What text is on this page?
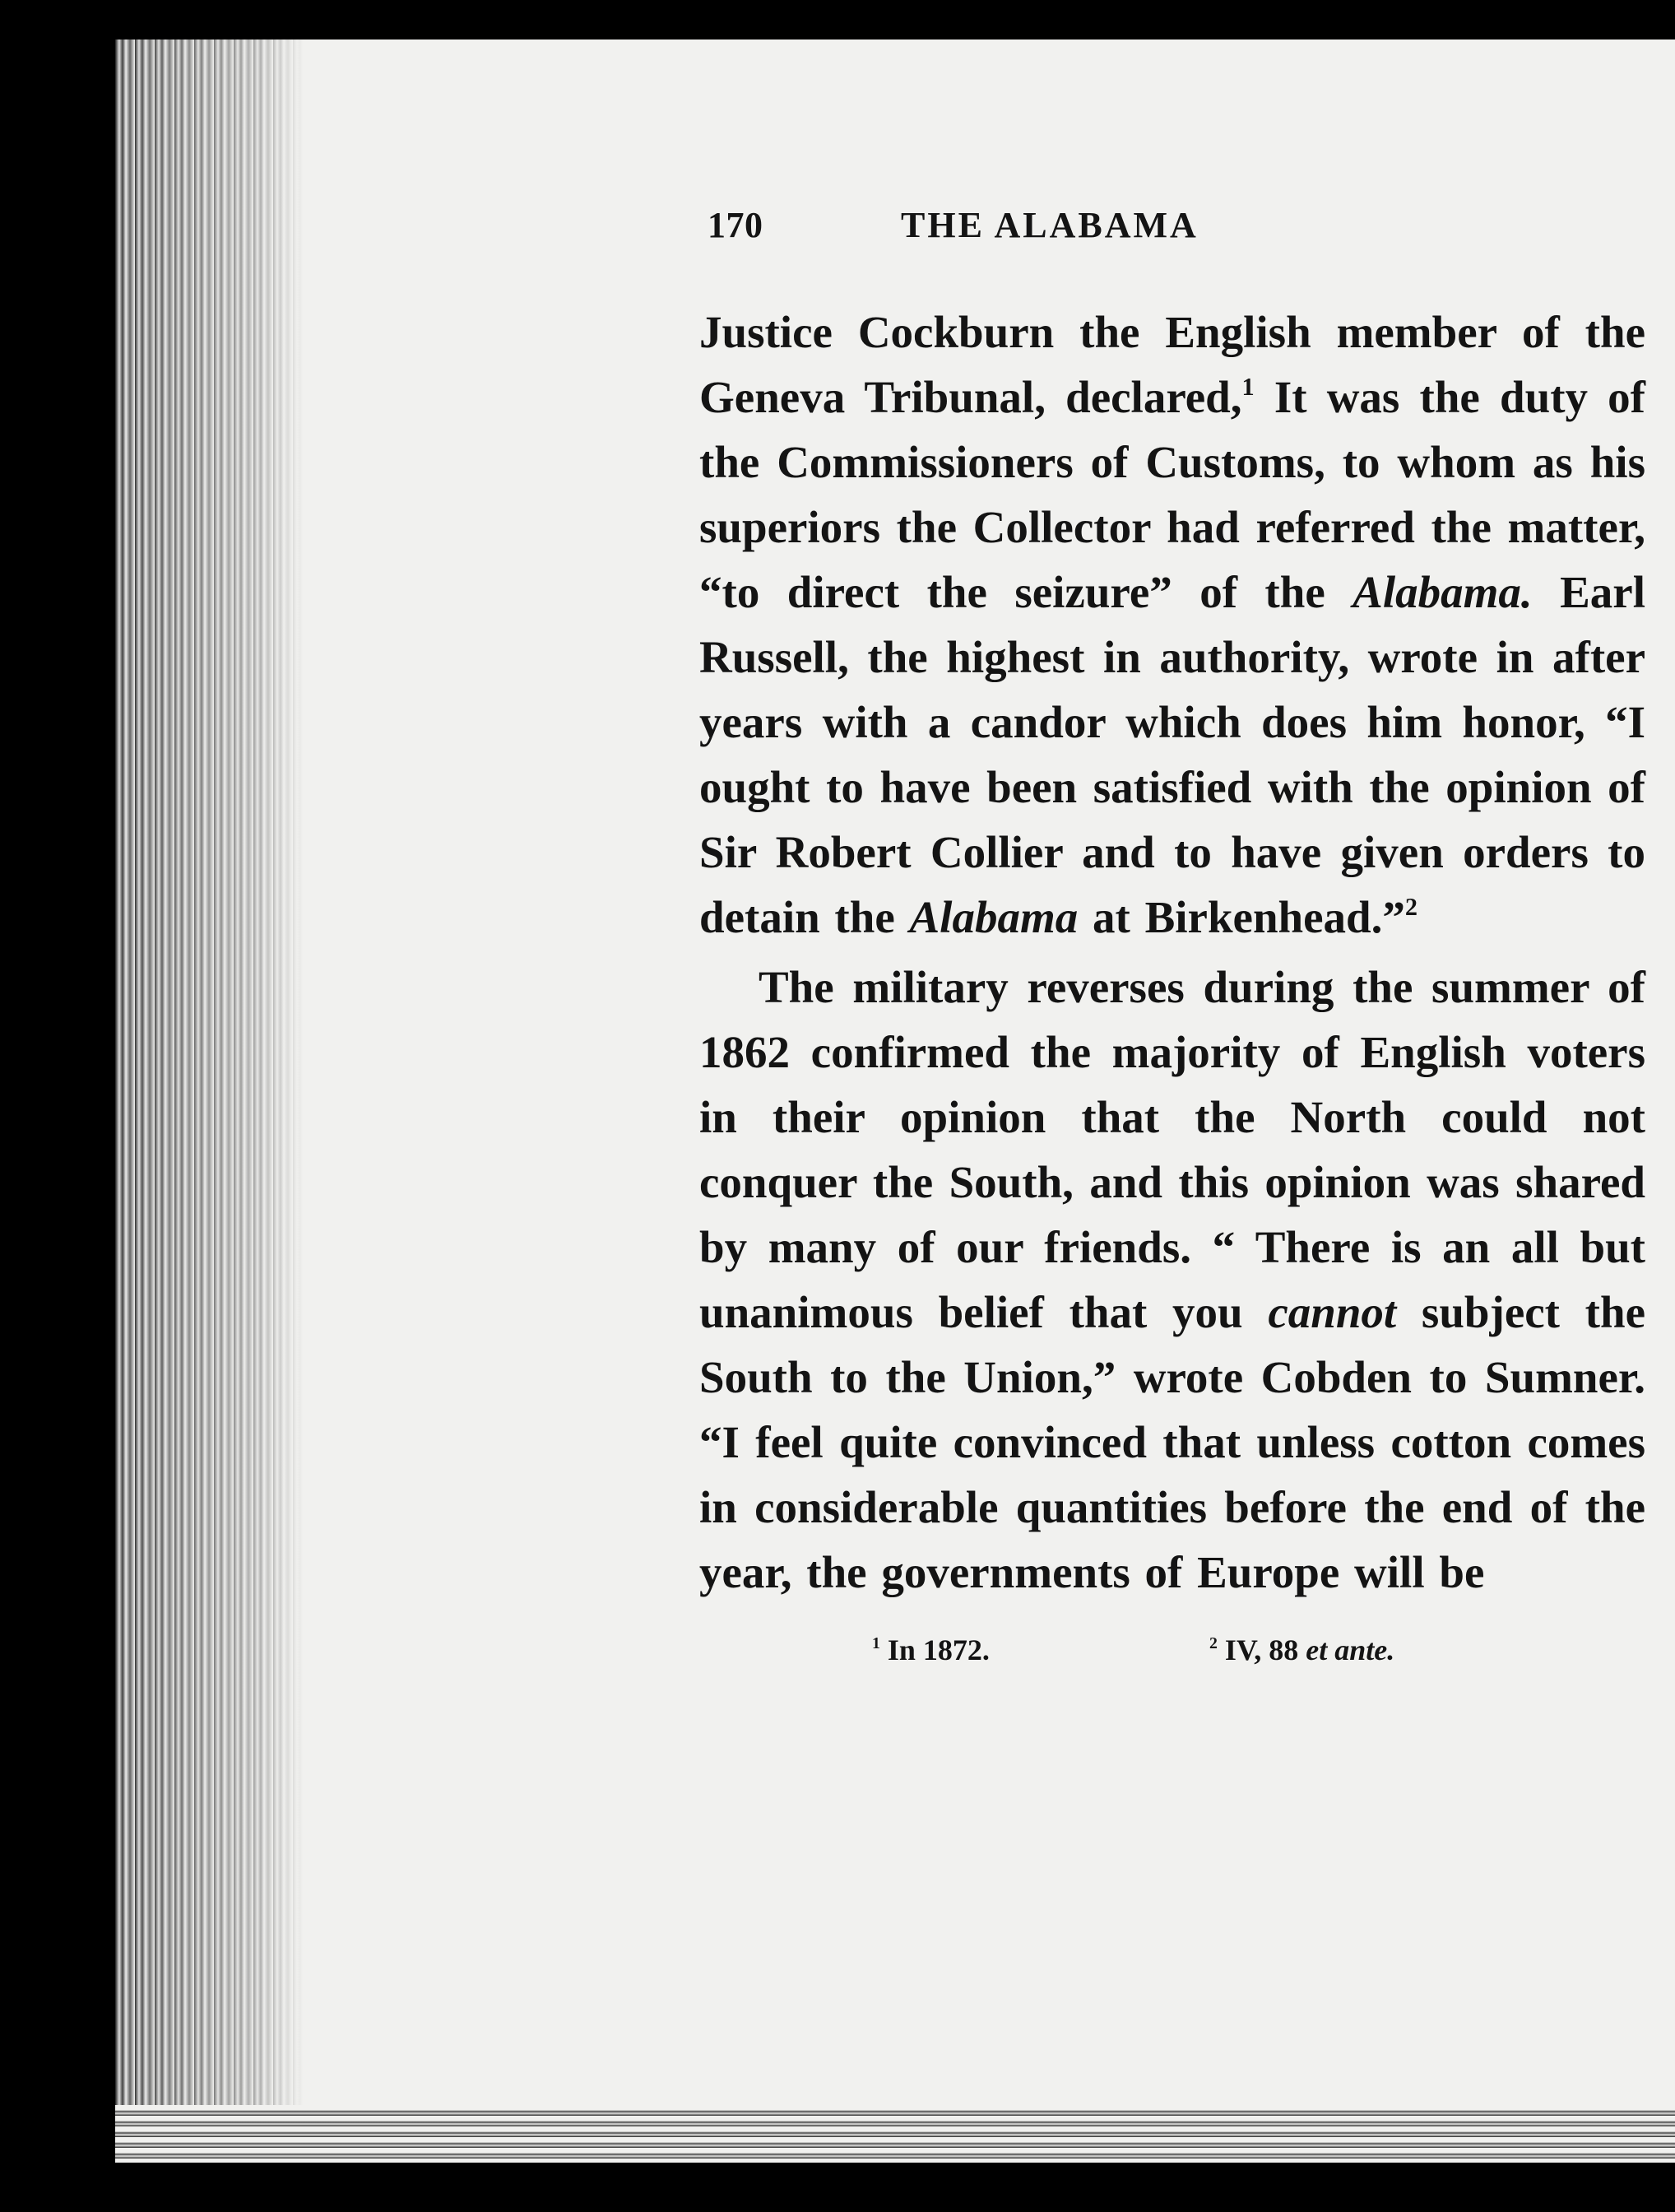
170	THE ALABAMA

Justice Cockburn the English member of the Geneva Tribunal, declared,$^1$ It was the duty of the Commissioners of Customs, to whom as his superiors the Collector had referred the matter, “to direct the seizure” of the Alabama. Earl Russell, the highest in authority, wrote in after years with a candor which does him honor, “I ought to have been satisfied with the opinion of Sir Robert Collier and to have given orders to detain the Alabama at Birkenhead.”$^2$

The military reverses during the summer of 1862 confirmed the majority of English voters in their opinion that the North could not conquer the South, and this opinion was shared by many of our friends. “ There is an all but unanimous belief that you cannot subject the South to the Union,” wrote Cobden to Sumner. “I feel quite convinced that unless cotton comes in considerable quantities before the end of the year, the governments of Europe will be

$^1$ In 1872.	$^2$ IV, 88 et ante.
